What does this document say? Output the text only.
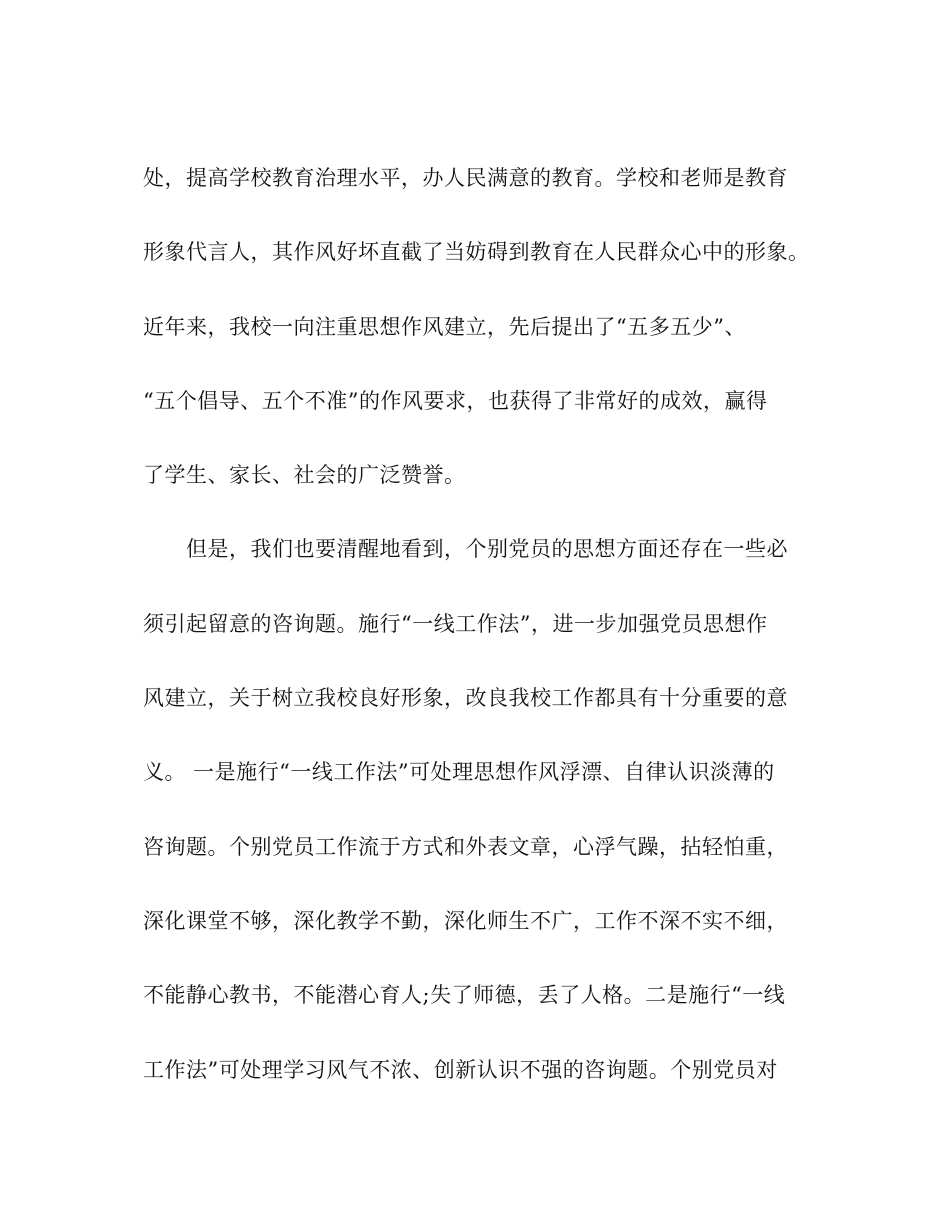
处，提高学校教育治理水平，办人民满意的教育。学校和老师是教育
形象代言人，其作风好坏直截了当妨碍到教育在人民群众心中的形象。
近年来，我校一向注重思想作风建立，先后提出了“五多五少”、
“五个倡导、五个不准”的作风要求，也获得了非常好的成效，赢得
了学生、家长、社会的广泛赞誉。
　　但是，我们也要清醒地看到，个别党员的思想方面还存在一些必
须引起留意的咨询题。施行“一线工作法”，进一步加强党员思想作
风建立，关于树立我校良好形象，改良我校工作都具有十分重要的意
义。 一是施行“一线工作法”可处理思想作风浮漂、自律认识淡薄的
咨询题。个别党员工作流于方式和外表文章，心浮气躁，拈轻怕重，
深化课堂不够，深化教学不勤，深化师生不广，工作不深不实不细，
不能静心教书，不能潜心育人;失了师德，丢了人格。二是施行“一线
工作法”可处理学习风气不浓、创新认识不强的咨询题。个别党员对
